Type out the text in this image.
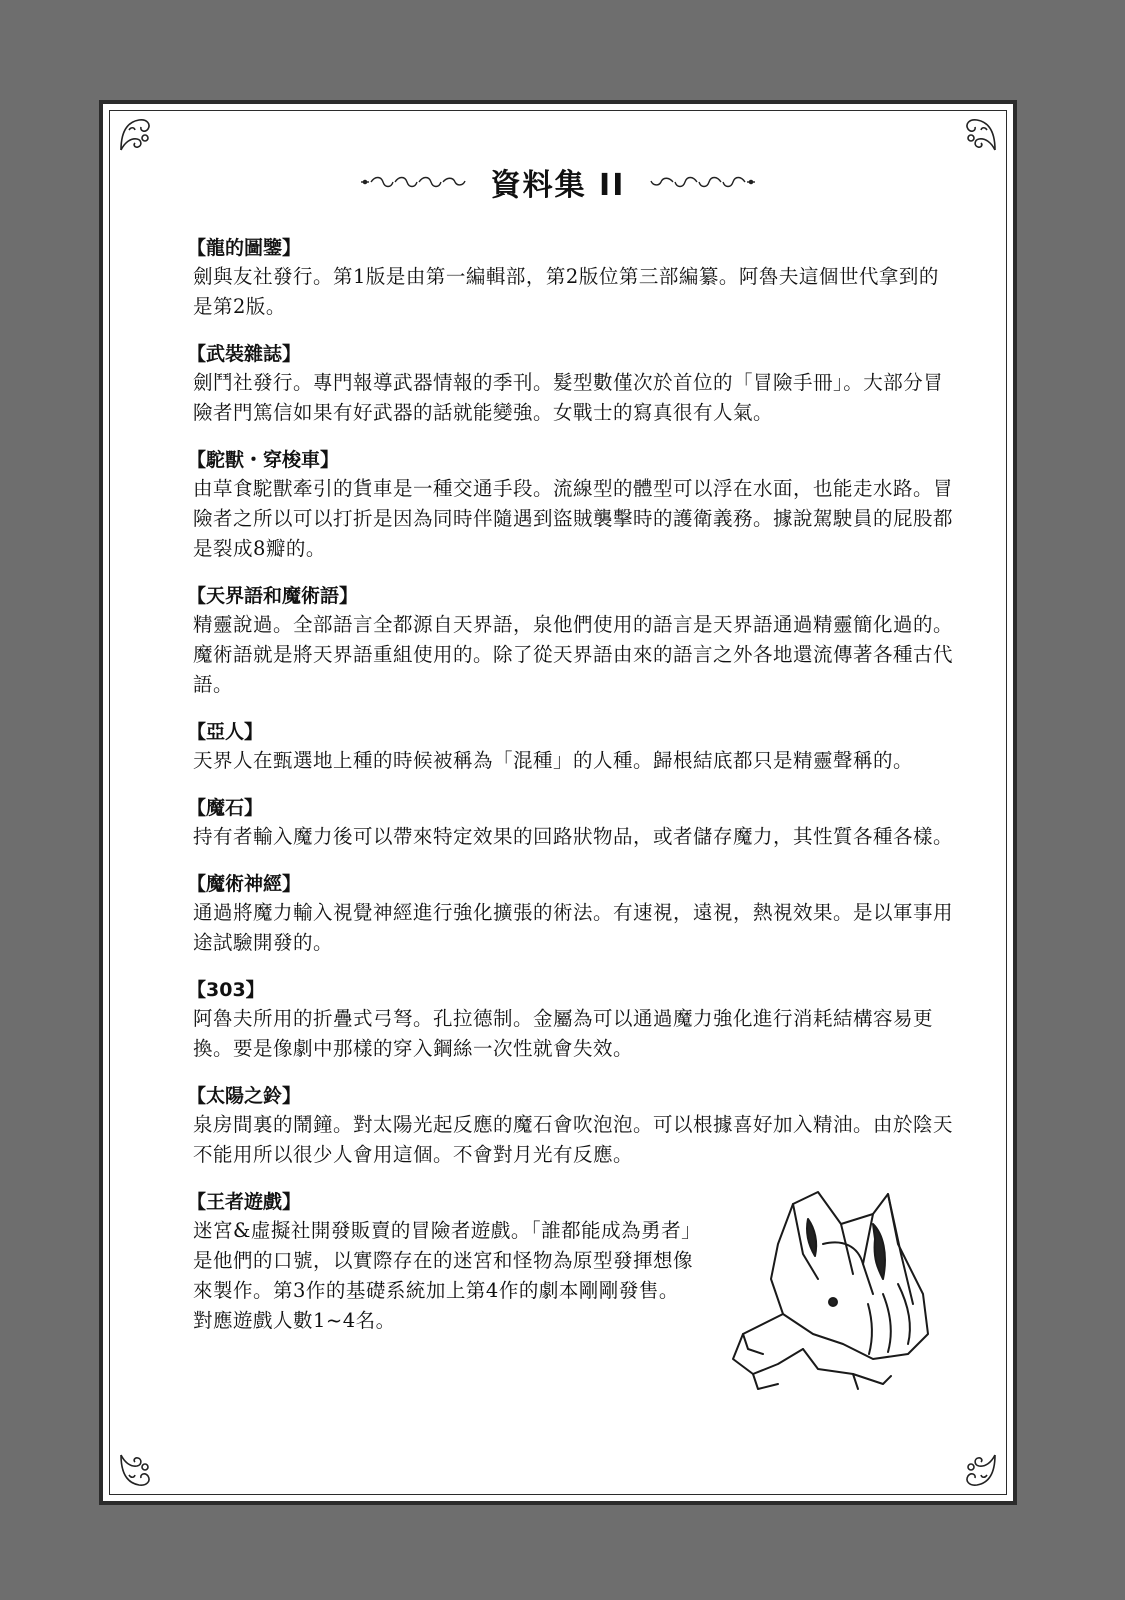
資料集 II
【龍的圖鑒】
劍與友社發行。第1版是由第一編輯部，第2版位第三部編纂。阿魯夫這個世代拿到的是第2版。
【武裝雜誌】
劍鬥社發行。專門報導武器情報的季刊。髮型數僅次於首位的「冒險手冊」。大部分冒險者門篤信如果有好武器的話就能變強。女戰士的寫真很有人氣。
【駝獸・穿梭車】
由草食駝獸牽引的貨車是一種交通手段。流線型的體型可以浮在水面，也能走水路。冒險者之所以可以打折是因為同時伴隨遇到盜賊襲擊時的護衛義務。據說駕駛員的屁股都是裂成8瓣的。
【天界語和魔術語】
精靈說過。全部語言全都源自天界語，泉他們使用的語言是天界語通過精靈簡化過的。魔術語就是將天界語重組使用的。除了從天界語由來的語言之外各地還流傳著各種古代語。
【亞人】
天界人在甄選地上種的時候被稱為「混種」的人種。歸根結底都只是精靈聲稱的。
【魔石】
持有者輸入魔力後可以帶來特定效果的回路狀物品，或者儲存魔力，其性質各種各樣。
【魔術神經】
通過將魔力輸入視覺神經進行強化擴張的術法。有速視，遠視，熱視效果。是以軍事用途試驗開發的。
【303】
阿魯夫所用的折疊式弓弩。孔拉德制。金屬為可以通過魔力強化進行消耗結構容易更換。要是像劇中那樣的穿入鋼絲一次性就會失效。
【太陽之鈴】
泉房間裏的鬧鐘。對太陽光起反應的魔石會吹泡泡。可以根據喜好加入精油。由於陰天不能用所以很少人會用這個。不會對月光有反應。
【王者遊戲】
迷宮&虛擬社開發販賣的冒險者遊戲。「誰都能成為勇者」是他們的口號，以實際存在的迷宮和怪物為原型發揮想像來製作。第3作的基礎系統加上第4作的劇本剛剛發售。對應遊戲人數1~4名。
